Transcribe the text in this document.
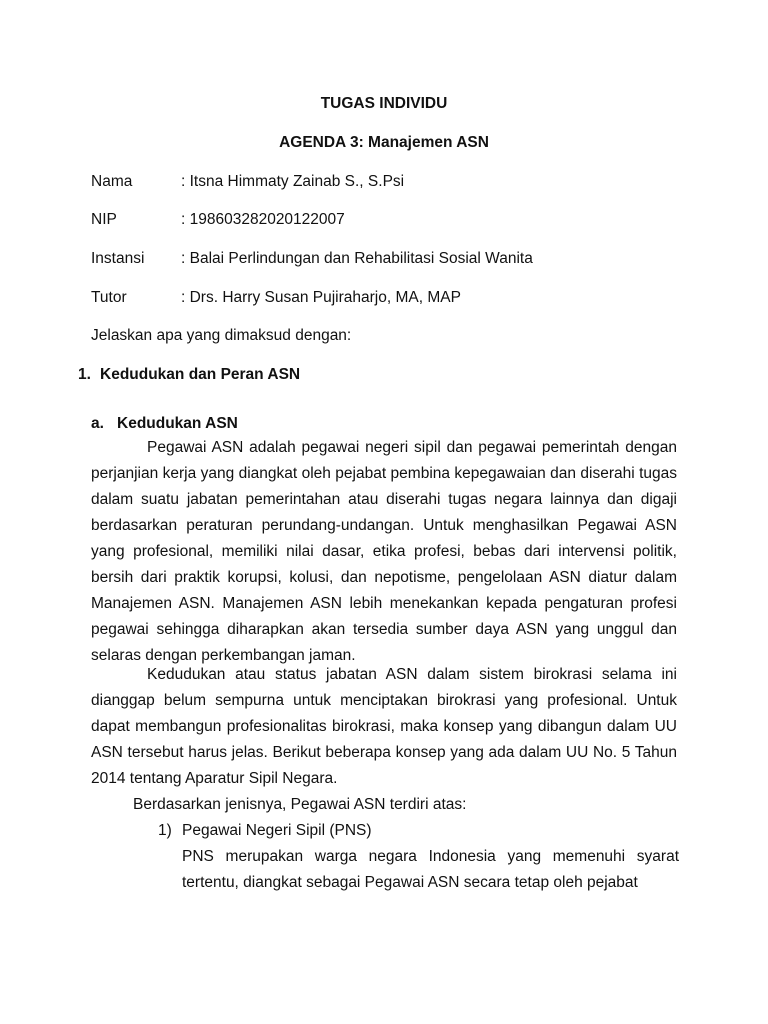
TUGAS INDIVIDU
AGENDA 3: Manajemen ASN
Nama	: Itsna Himmaty Zainab S., S.Psi
NIP	: 198603282020122007
Instansi : Balai Perlindungan dan Rehabilitasi Sosial Wanita
Tutor	: Drs. Harry Susan Pujiraharjo, MA, MAP
Jelaskan apa yang dimaksud dengan:
1. Kedudukan dan Peran ASN
a. Kedudukan ASN

Pegawai ASN adalah pegawai negeri sipil dan pegawai pemerintah dengan perjanjian kerja yang diangkat oleh pejabat pembina kepegawaian dan diserahi tugas dalam suatu jabatan pemerintahan atau diserahi tugas negara lainnya dan digaji berdasarkan peraturan perundang-undangan. Untuk menghasilkan Pegawai ASN yang profesional, memiliki nilai dasar, etika profesi, bebas dari intervensi politik, bersih dari praktik korupsi, kolusi, dan nepotisme, pengelolaan ASN diatur dalam Manajemen ASN. Manajemen ASN lebih menekankan kepada pengaturan profesi pegawai sehingga diharapkan akan tersedia sumber daya ASN yang unggul dan selaras dengan perkembangan jaman.

Kedudukan atau status jabatan ASN dalam sistem birokrasi selama ini dianggap belum sempurna untuk menciptakan birokrasi yang profesional. Untuk dapat membangun profesionalitas birokrasi, maka konsep yang dibangun dalam UU ASN tersebut harus jelas. Berikut beberapa konsep yang ada dalam UU No. 5 Tahun 2014 tentang Aparatur Sipil Negara.

Berdasarkan jenisnya, Pegawai ASN terdiri atas:
1) Pegawai Negeri Sipil (PNS)

PNS merupakan warga negara Indonesia yang memenuhi syarat tertentu, diangkat sebagai Pegawai ASN secara tetap oleh pejabat
